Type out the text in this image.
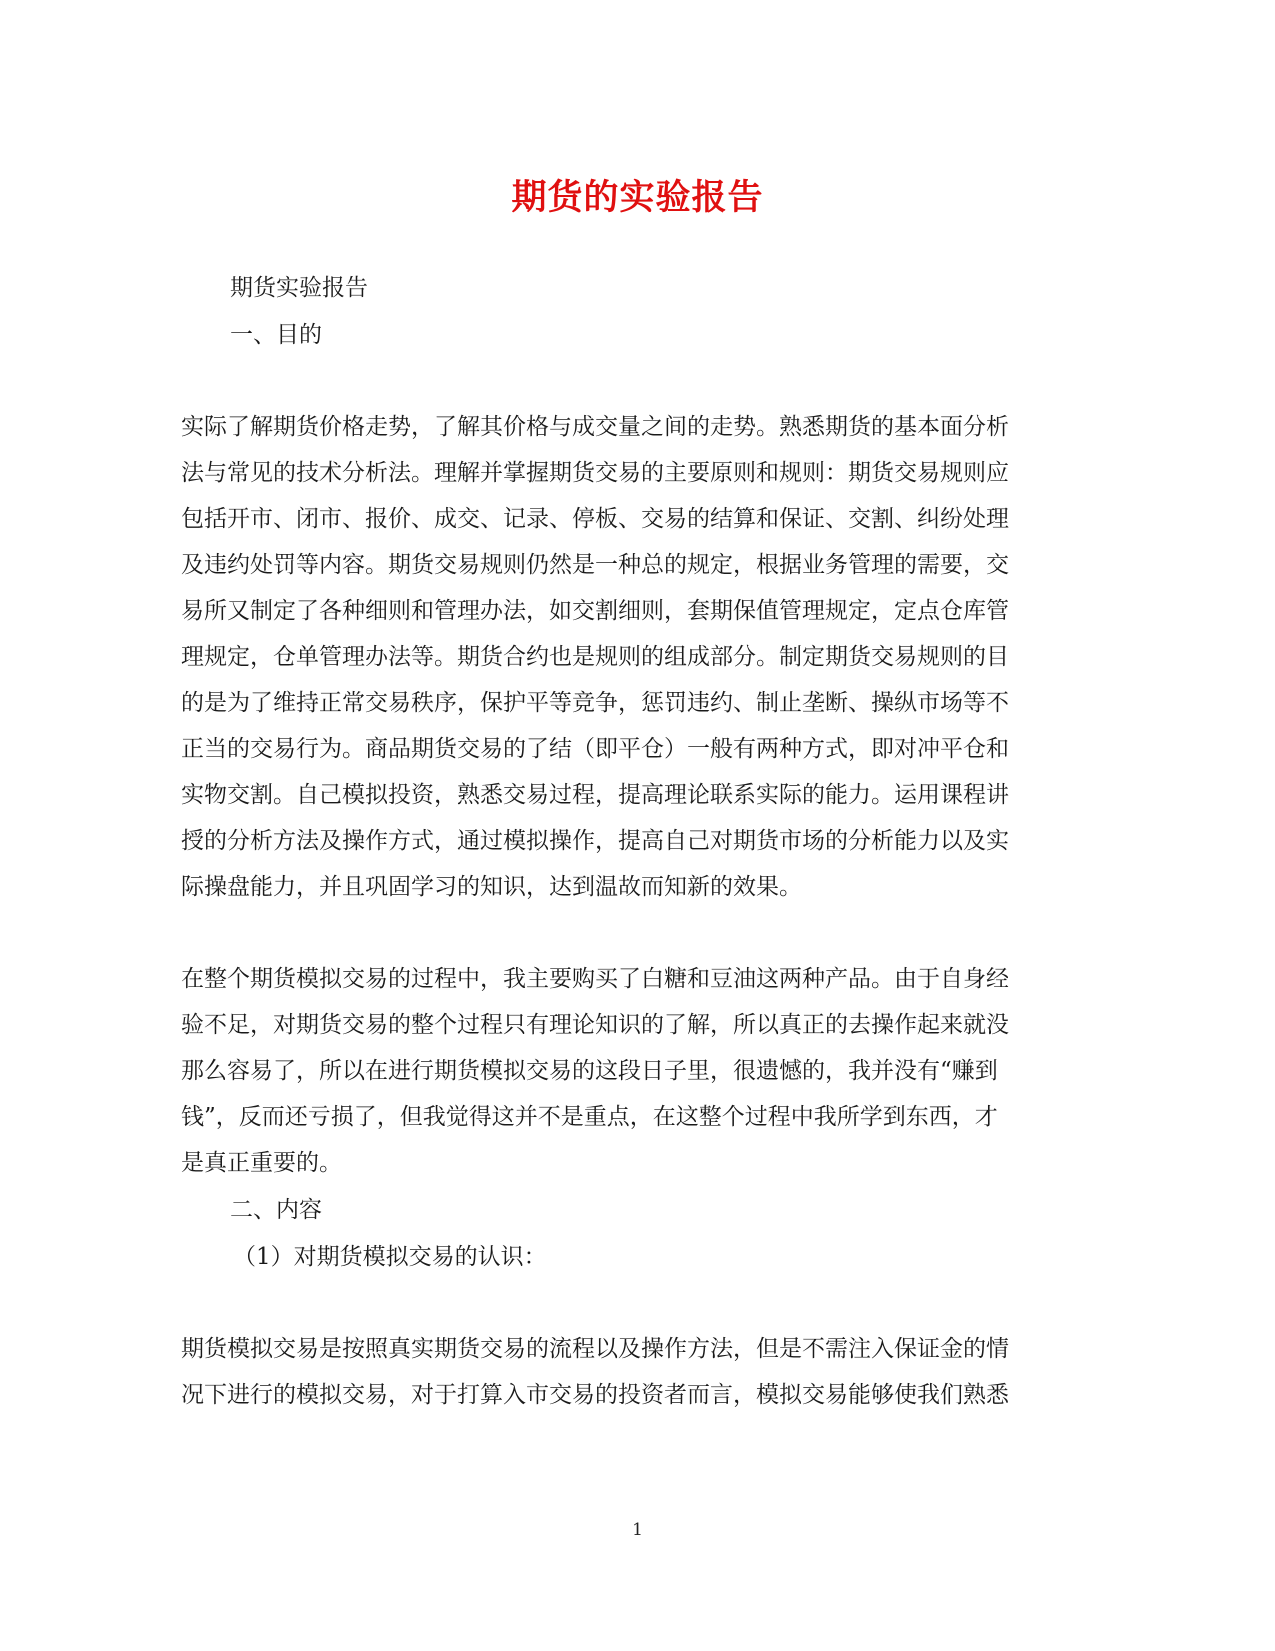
期货的实验报告
期货实验报告
一、目的
实际了解期货价格走势，了解其价格与成交量之间的走势。熟悉期货的基本面分析
法与常见的技术分析法。理解并掌握期货交易的主要原则和规则：期货交易规则应
包括开市、闭市、报价、成交、记录、停板、交易的结算和保证、交割、纠纷处理
及违约处罚等内容。期货交易规则仍然是一种总的规定，根据业务管理的需要，交
易所又制定了各种细则和管理办法，如交割细则，套期保值管理规定，定点仓库管
理规定，仓单管理办法等。期货合约也是规则的组成部分。制定期货交易规则的目
的是为了维持正常交易秩序，保护平等竞争，惩罚违约、制止垄断、操纵市场等不
正当的交易行为。商品期货交易的了结（即平仓）一般有两种方式，即对冲平仓和
实物交割。自己模拟投资，熟悉交易过程，提高理论联系实际的能力。运用课程讲
授的分析方法及操作方式，通过模拟操作，提高自己对期货市场的分析能力以及实
际操盘能力，并且巩固学习的知识，达到温故而知新的效果。
在整个期货模拟交易的过程中，我主要购买了白糖和豆油这两种产品。由于自身经
验不足，对期货交易的整个过程只有理论知识的了解，所以真正的去操作起来就没
那么容易了，所以在进行期货模拟交易的这段日子里，很遗憾的，我并没有“赚到
钱”，反而还亏损了，但我觉得这并不是重点，在这整个过程中我所学到东西，才
是真正重要的。
二、内容
（1）对期货模拟交易的认识：
期货模拟交易是按照真实期货交易的流程以及操作方法，但是不需注入保证金的情
况下进行的模拟交易，对于打算入市交易的投资者而言，模拟交易能够使我们熟悉
1
